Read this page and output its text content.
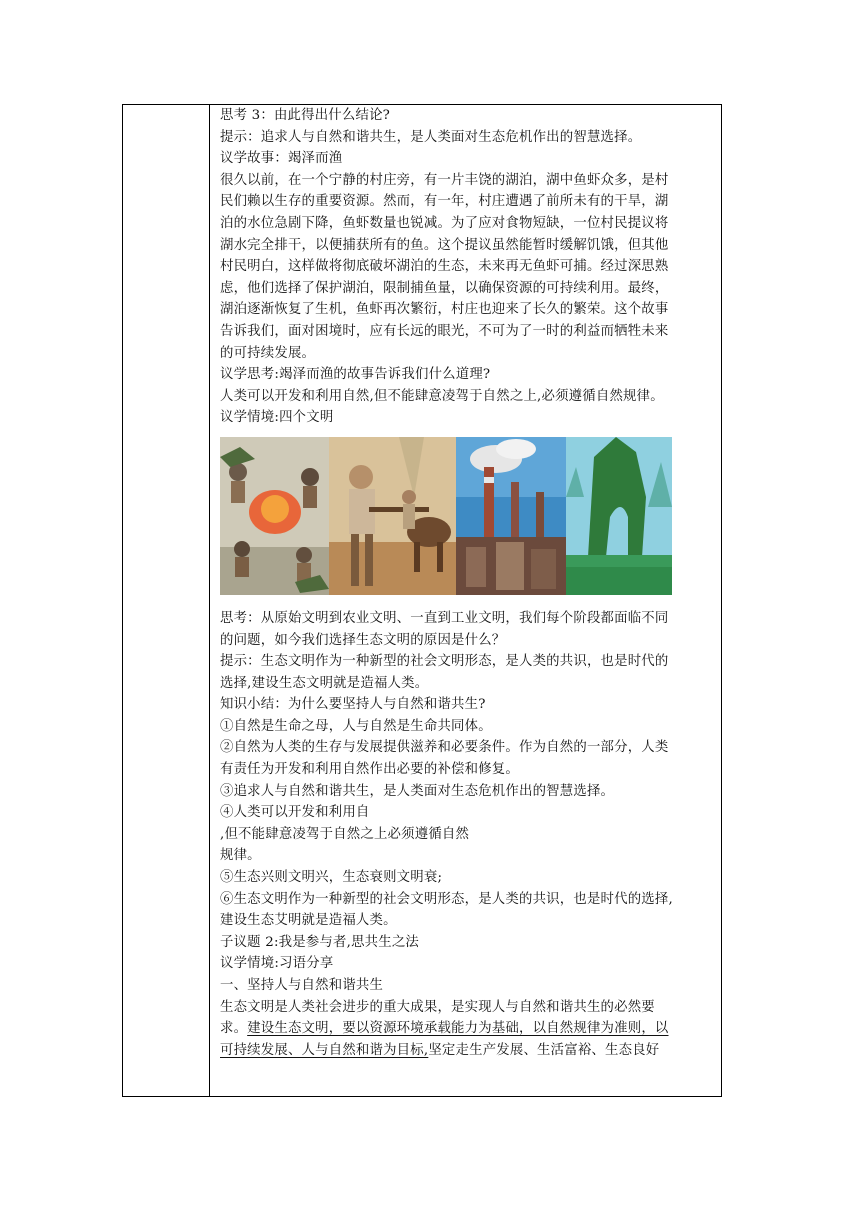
思考 3：由此得出什么结论?
提示：追求人与自然和谐共生，是人类面对生态危机作出的智慧选择。
议学故事：竭泽而渔
很久以前，在一个宁静的村庄旁，有一片丰饶的湖泊，湖中鱼虾众多，是村
民们赖以生存的重要资源。然而，有一年，村庄遭遇了前所未有的干旱，湖
泊的水位急剧下降，鱼虾数量也锐减。为了应对食物短缺，一位村民提议将
湖水完全排干，以便捕获所有的鱼。这个提议虽然能暂时缓解饥饿，但其他
村民明白，这样做将彻底破坏湖泊的生态，未来再无鱼虾可捕。经过深思熟
虑，他们选择了保护湖泊，限制捕鱼量，以确保资源的可持续利用。最终，
湖泊逐渐恢复了生机，鱼虾再次繁衍，村庄也迎来了长久的繁荣。这个故事
告诉我们，面对困境时，应有长远的眼光，不可为了一时的利益而牺牲未来
的可持续发展。
议学思考:竭泽而渔的故事告诉我们什么道理?
人类可以开发和利用自然,但不能肆意凌驾于自然之上,必须遵循自然规律。
议学情境:四个文明
思考：从原始文明到农业文明、一直到工业文明，我们每个阶段都面临不同
的问题，如今我们选择生态文明的原因是什么？
提示：生态文明作为一种新型的社会文明形态，是人类的共识，也是时代的
选择,建设生态文明就是造福人类。
知识小结：为什么要坚持人与自然和谐共生?
①自然是生命之母，人与自然是生命共同体。
②自然为人类的生存与发展提供滋养和必要条件。作为自然的一部分，人类
有责任为开发和利用自然作出必要的补偿和修复。
③追求人与自然和谐共生，是人类面对生态危机作出的智慧选择。
④人类可以开发和利用自
,但不能肆意凌驾于自然之上必须遵循自然
规律。
⑤生态兴则文明兴，生态衰则文明衰;
⑥生态文明作为一种新型的社会文明形态，是人类的共识，也是时代的选择,
建设生态艾明就是造福人类。
子议题 2:我是参与者,思共生之法
议学情境:习语分享
一、坚持人与自然和谐共生
生态文明是人类社会进步的重大成果，是实现人与自然和谐共生的必然要
求。建设生态文明，要以资源环境承载能力为基础，以自然规律为准则，以
可持续发展、人与自然和谐为目标,坚定走生产发展、生活富裕、生态良好
